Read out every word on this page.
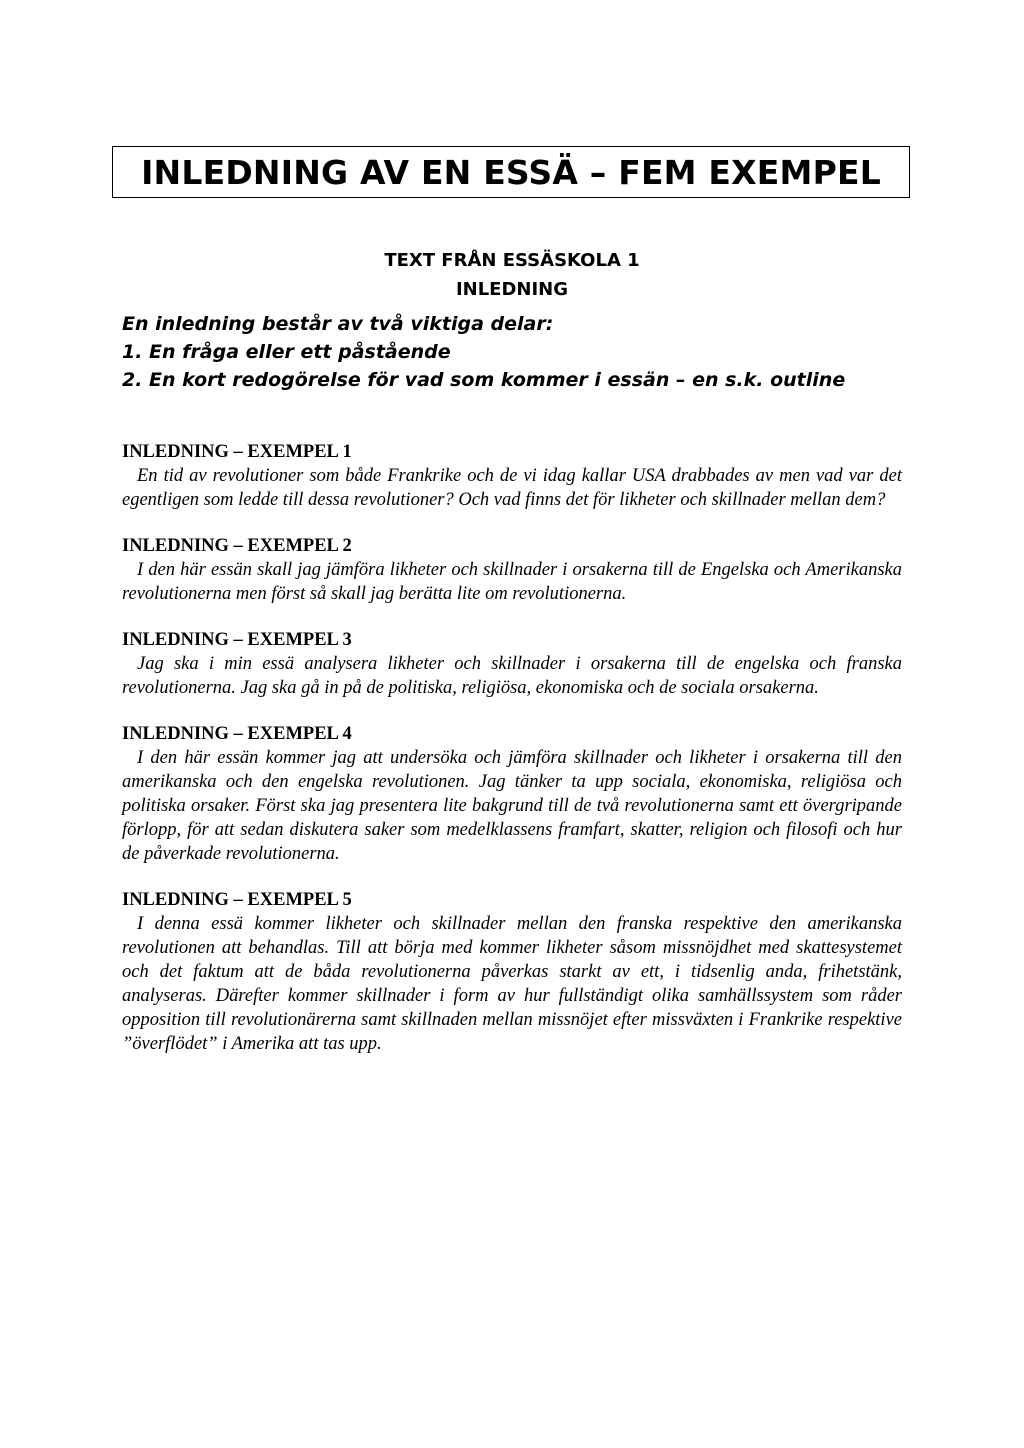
INLEDNING AV EN ESSÄ – FEM EXEMPEL
TEXT FRÅN ESSÄSKOLA 1
INLEDNING
En inledning består av två viktiga delar:
1. En fråga eller ett påstående
2. En kort redogörelse för vad som kommer i essän – en s.k. outline
INLEDNING – EXEMPEL 1

En tid av revolutioner som både Frankrike och de vi idag kallar USA drabbades av men vad var det egentligen som ledde till dessa revolutioner? Och vad finns det för likheter och skillnader mellan dem?

INLEDNING – EXEMPEL 2

I den här essän skall jag jämföra likheter och skillnader i orsakerna till de Engelska och Amerikanska revolutionerna men först så skall jag berätta lite om revolutionerna.

INLEDNING – EXEMPEL 3

Jag ska i min essä analysera likheter och skillnader i orsakerna till de engelska och franska revolutionerna. Jag ska gå in på de politiska, religiösa, ekonomiska och de sociala orsakerna.

INLEDNING – EXEMPEL 4

I den här essän kommer jag att undersöka och jämföra skillnader och likheter i orsakerna till den amerikanska och den engelska revolutionen. Jag tänker ta upp sociala, ekonomiska, religiösa och politiska orsaker. Först ska jag presentera lite bakgrund till de två revolutionerna samt ett övergripande förlopp, för att sedan diskutera saker som medelklassens framfart, skatter, religion och filosofi och hur de påverkade revolutionerna.

INLEDNING – EXEMPEL 5

I denna essä kommer likheter och skillnader mellan den franska respektive den amerikanska revolutionen att behandlas. Till att börja med kommer likheter såsom missnöjdhet med skattesystemet och det faktum att de båda revolutionerna påverkas starkt av ett, i tidsenlig anda, frihetstänk, analyseras. Därefter kommer skillnader i form av hur fullständigt olika samhällssystem som råder opposition till revolutionärerna samt skillnaden mellan missnöjet efter missväxten i Frankrike respektive ”överflödet” i Amerika att tas upp.
